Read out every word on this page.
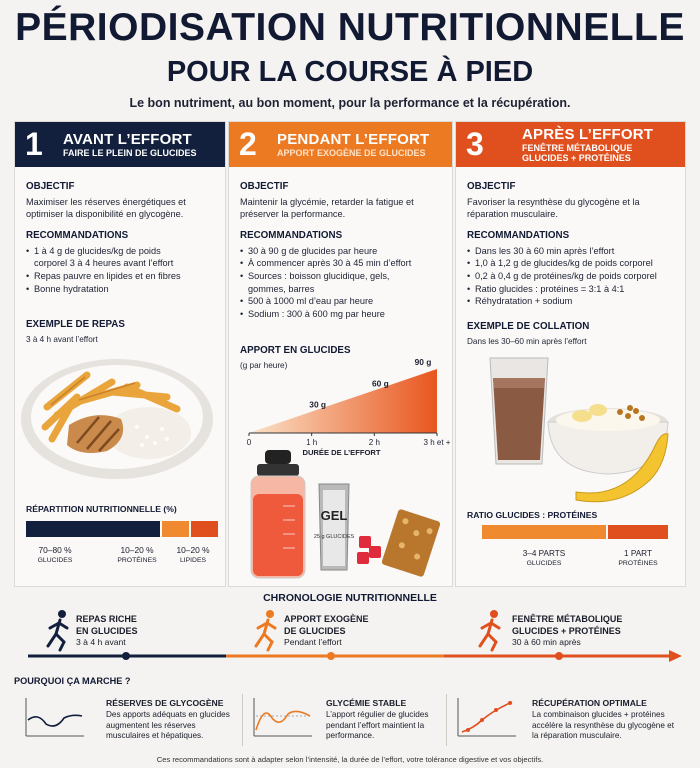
PÉRIODISATION NUTRITIONNELLE
POUR LA COURSE À PIED
Le bon nutriment, au bon moment, pour la performance et la récupération.
1	AVANT L’EFFORT
FAIRE LE PLEIN DE GLUCIDES
OBJECTIF
Maximiser les réserves énergétiques et optimiser la disponibilité en glycogène.
RECOMMANDATIONS
• 1 à 4 g de glucides/kg de poids corporel 3 à 4 heures avant l’effort
• Repas pauvre en lipides et en fibres
• Bonne hydratation
EXEMPLE DE REPAS
3 à 4 h avant l’effort
RÉPARTITION NUTRITIONNELLE (%)
70–80 %
GLUCIDES
10–20 %
PROTÉINES
10–20 %
LIPIDES
2	PENDANT L’EFFORT
APPORT EXOGÈNE DE GLUCIDES
OBJECTIF
Maintenir la glycémie, retarder la fatigue et préserver la performance.
RECOMMANDATIONS
• 30 à 90 g de glucides par heure
• À commencer après 30 à 45 min d’effort
• Sources : boisson glucidique, gels, gommes, barres
• 500 à 1000 ml d’eau par heure
• Sodium : 300 à 600 mg par heure
APPORT EN GLUCIDES
(g par heure)
0	1 h	2 h	3 h et +
30 g
60 g
90 g
DURÉE DE L’EFFORT
GEL
25 g GLUCIDES
3	APRÈS L’EFFORT
FENÊTRE MÉTABOLIQUE
GLUCIDES + PROTÉINES
OBJECTIF
Favoriser la resynthèse du glycogène et la réparation musculaire.
RECOMMANDATIONS
• Dans les 30 à 60 min après l’effort
• 1,0 à 1,2 g de glucides/kg de poids corporel
• 0,2 à 0,4 g de protéines/kg de poids corporel
• Ratio glucides : protéines = 3:1 à 4:1
• Réhydratation + sodium
EXEMPLE DE COLLATION
Dans les 30–60 min après l’effort
RATIO GLUCIDES : PROTÉINES
3–4 PARTS
GLUCIDES
1 PART
PROTÉINES
CHRONOLOGIE NUTRITIONNELLE
REPAS RICHE
EN GLUCIDES
3 à 4 h avant
APPORT EXOGÈNE
DE GLUCIDES
Pendant l’effort
FENÊTRE MÉTABOLIQUE
GLUCIDES + PROTÉINES
30 à 60 min après
POURQUOI ÇA MARCHE ?
RÉSERVES DE GLYCOGÈNE
Des apports adéquats en glucides augmentent les réserves musculaires et hépatiques.
GLYCÉMIE STABLE
L’apport régulier de glucides pendant l’effort maintient la performance.
RÉCUPÉRATION OPTIMALE
La combinaison glucides + protéines accélère la resynthèse du glycogène et la réparation musculaire.
Ces recommandations sont à adapter selon l’intensité, la durée de l’effort, votre tolérance digestive et vos objectifs.
